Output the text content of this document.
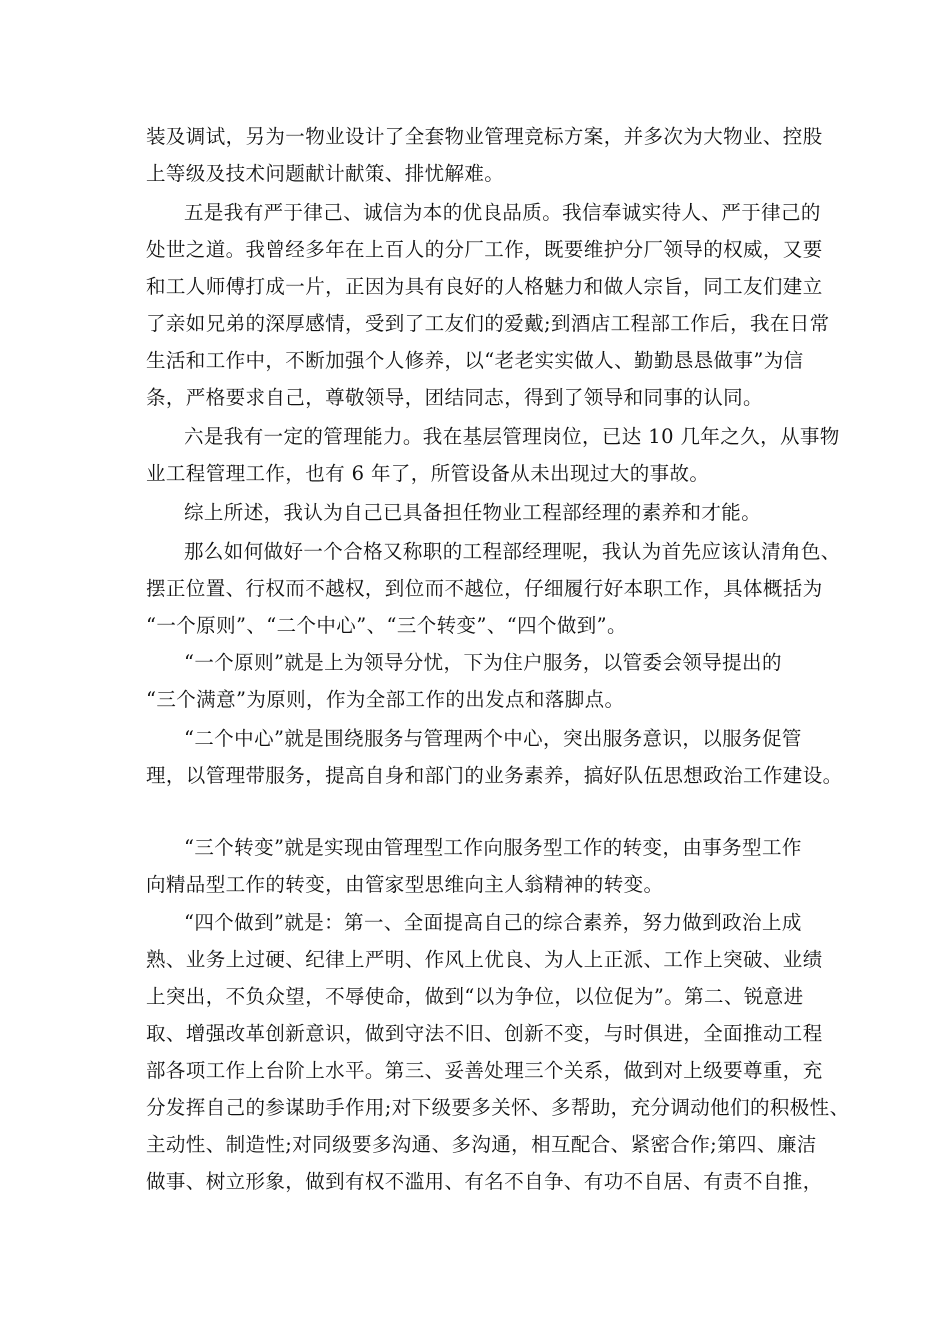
装及调试，另为一物业设计了全套物业管理竞标方案，并多次为大物业、控股

上等级及技术问题献计献策、排忧解难。

五是我有严于律己、诚信为本的优良品质。我信奉诚实待人、严于律己的

处世之道。我曾经多年在上百人的分厂工作，既要维护分厂领导的权威，又要

和工人师傅打成一片，正因为具有良好的人格魅力和做人宗旨，同工友们建立

了亲如兄弟的深厚感情，受到了工友们的爱戴;到酒店工程部工作后，我在日常

生活和工作中，不断加强个人修养，以“老老实实做人、勤勤恳恳做事”为信

条，严格要求自己，尊敬领导，团结同志，得到了领导和同事的认同。

六是我有一定的管理能力。我在基层管理岗位，已达 10 几年之久，从事物

业工程管理工作，也有 6 年了，所管设备从未出现过大的事故。

综上所述，我认为自己已具备担任物业工程部经理的素养和才能。

那么如何做好一个合格又称职的工程部经理呢，我认为首先应该认清角色、

摆正位置、行权而不越权，到位而不越位，仔细履行好本职工作，具体概括为

“一个原则”、“二个中心”、“三个转变”、“四个做到”。

“一个原则”就是上为领导分忧，下为住户服务，以管委会领导提出的

“三个满意”为原则，作为全部工作的出发点和落脚点。

“二个中心”就是围绕服务与管理两个中心，突出服务意识，以服务促管

理，以管理带服务，提高自身和部门的业务素养，搞好队伍思想政治工作建设。

“三个转变”就是实现由管理型工作向服务型工作的转变，由事务型工作

向精品型工作的转变，由管家型思维向主人翁精神的转变。

“四个做到”就是：第一、全面提高自己的综合素养，努力做到政治上成

熟、业务上过硬、纪律上严明、作风上优良、为人上正派、工作上突破、业绩

上突出，不负众望，不辱使命，做到“以为争位，以位促为”。第二、锐意进

取、增强改革创新意识，做到守法不旧、创新不变，与时俱进，全面推动工程

部各项工作上台阶上水平。第三、妥善处理三个关系，做到对上级要尊重，充

分发挥自己的参谋助手作用;对下级要多关怀、多帮助，充分调动他们的积极性、

主动性、制造性;对同级要多沟通、多沟通，相互配合、紧密合作;第四、廉洁

做事、树立形象，做到有权不滥用、有名不自争、有功不自居、有责不自推，
